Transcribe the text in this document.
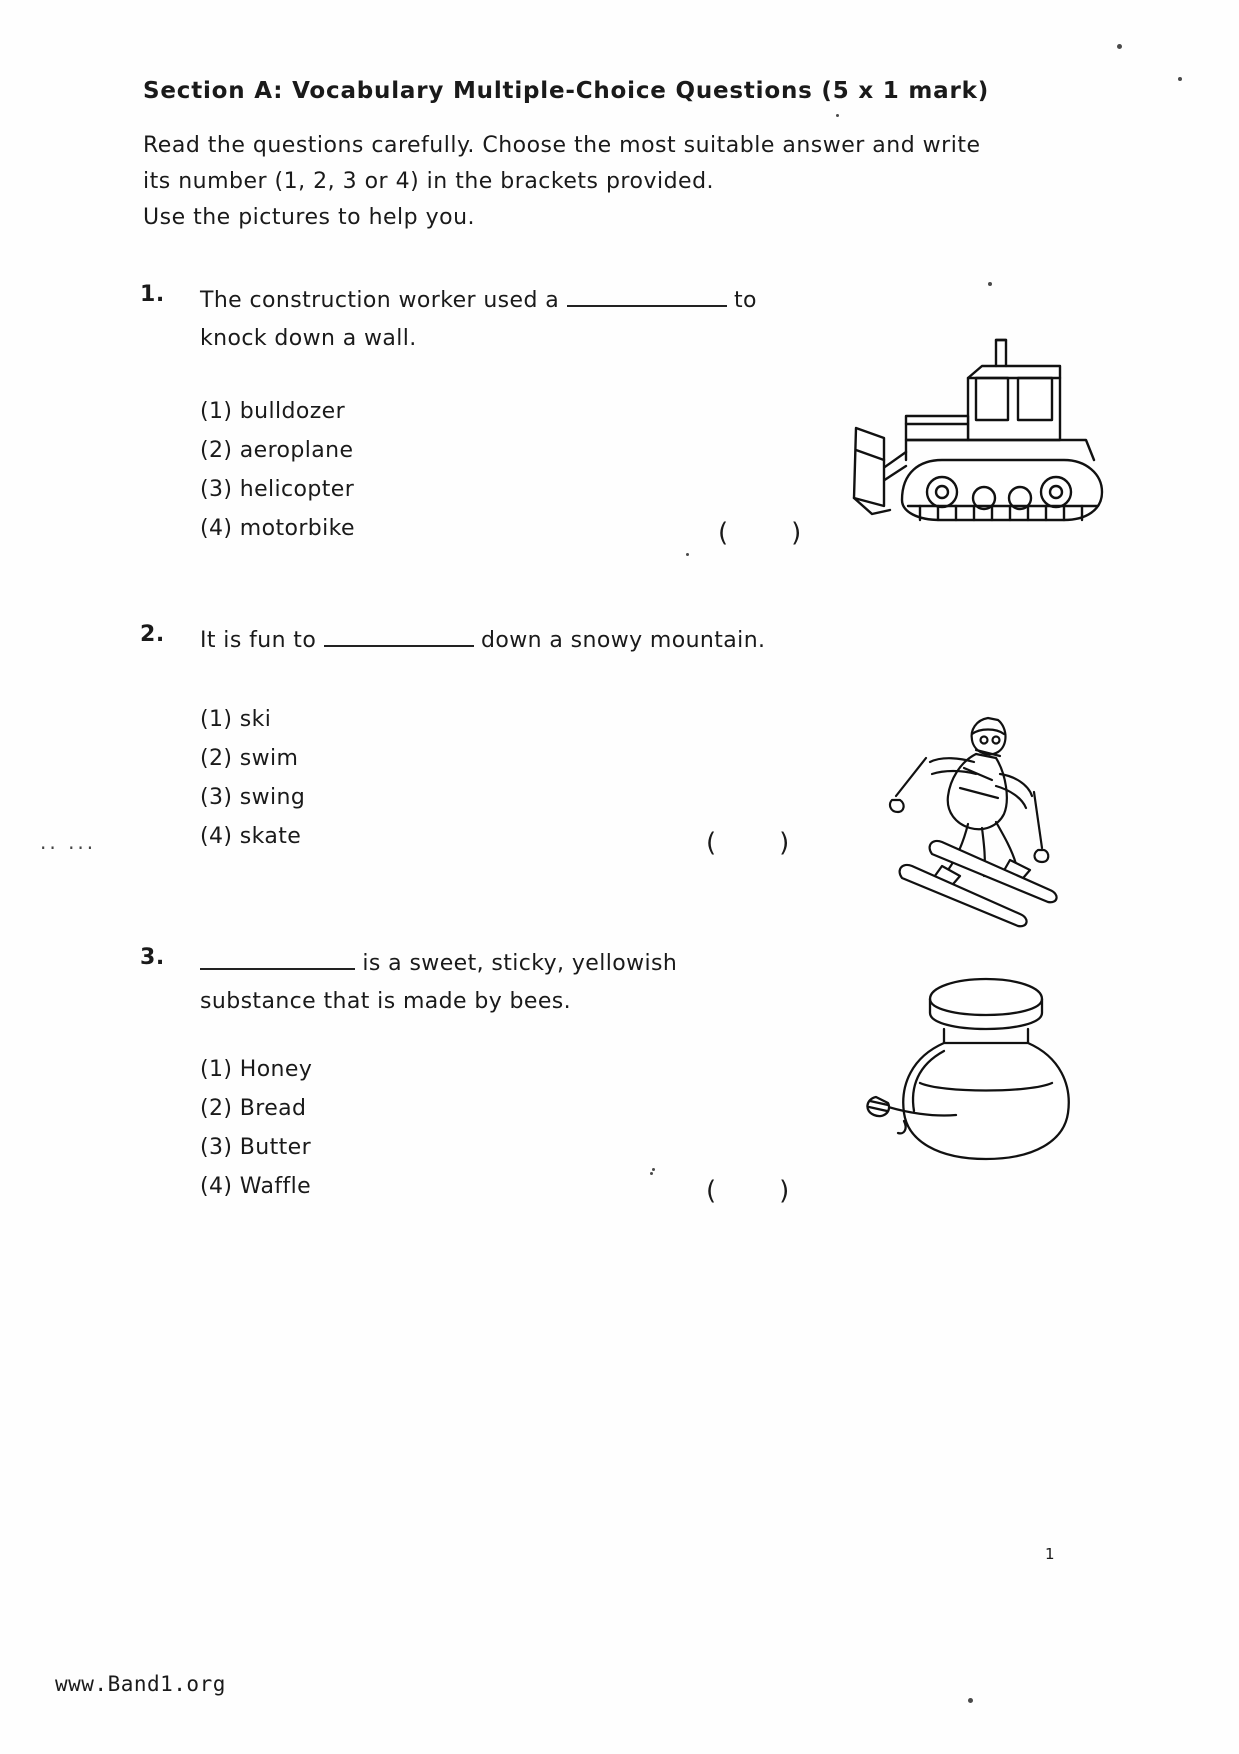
Section A: Vocabulary Multiple-Choice Questions (5 x 1 mark)
Read the questions carefully. Choose the most suitable answer and write
its number (1, 2, 3 or 4) in the brackets provided.
Use the pictures to help you.
1. The construction worker used a	to
knock down a wall.
(1) bulldozer
(2) aeroplane
(3) helicopter
(4) motorbike	( )
2. It is fun to	down a snowy mountain.
(1) ski
(2) swim
(3) swing
(4) skate	( )
3.	is a sweet, sticky, yellowish
substance that is made by bees.
(1) Honey
(2) Bread
(3) Butter
(4) Waffle	( )
1
www.Band1.org
.. ...
